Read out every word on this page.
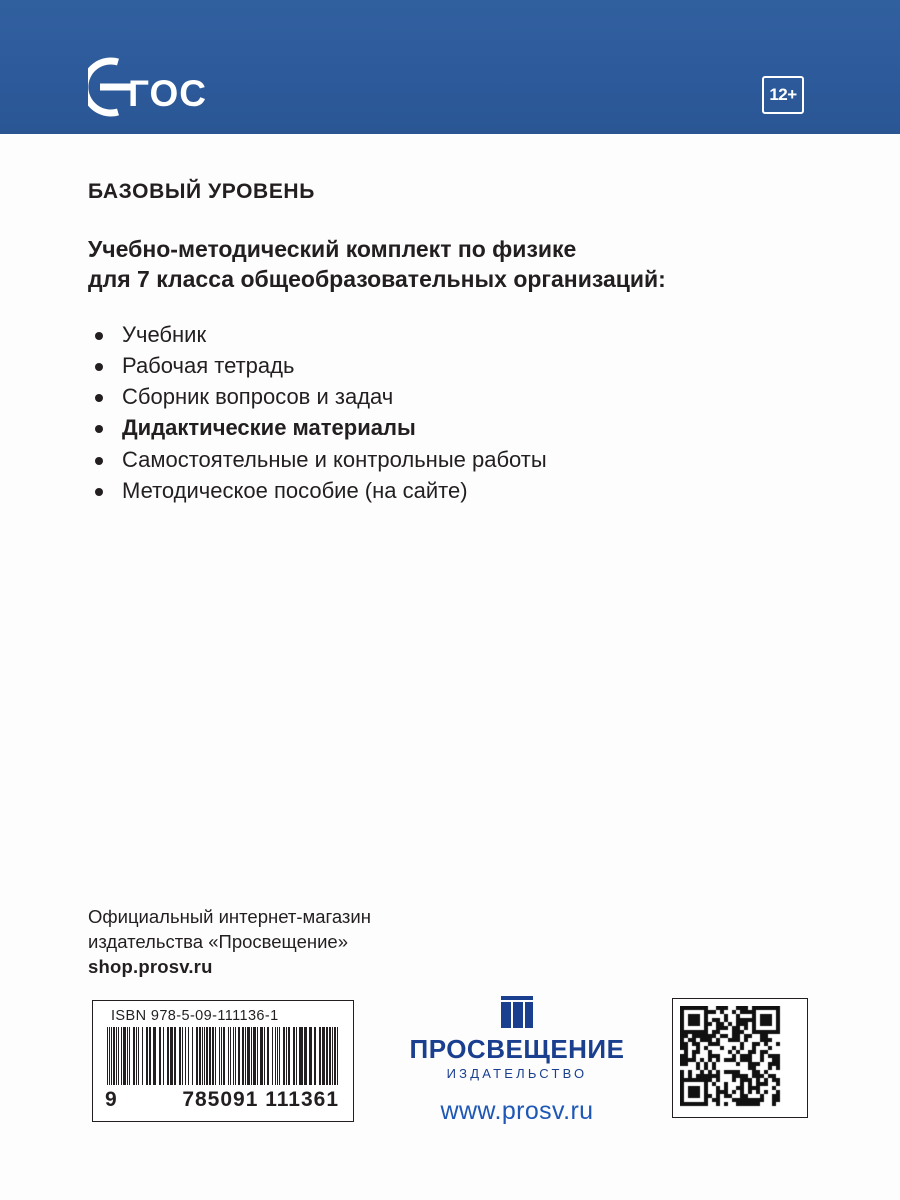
ГОС	12+
БАЗОВЫЙ УРОВЕНЬ
Учебно-методический комплект по физике
для 7 класса общеобразовательных организаций:
Учебник
Рабочая тетрадь
Сборник вопросов и задач
Дидактические материалы
Самостоятельные и контрольные работы
Методическое пособие (на сайте)
Официальный интернет-магазин
издательства «Просвещение»
shop.prosv.ru
ISBN 978-5-09-111136-1
9	785091 111361
ПРОСВЕЩЕНИЕ
ИЗДАТЕЛЬСТВО
www.prosv.ru
